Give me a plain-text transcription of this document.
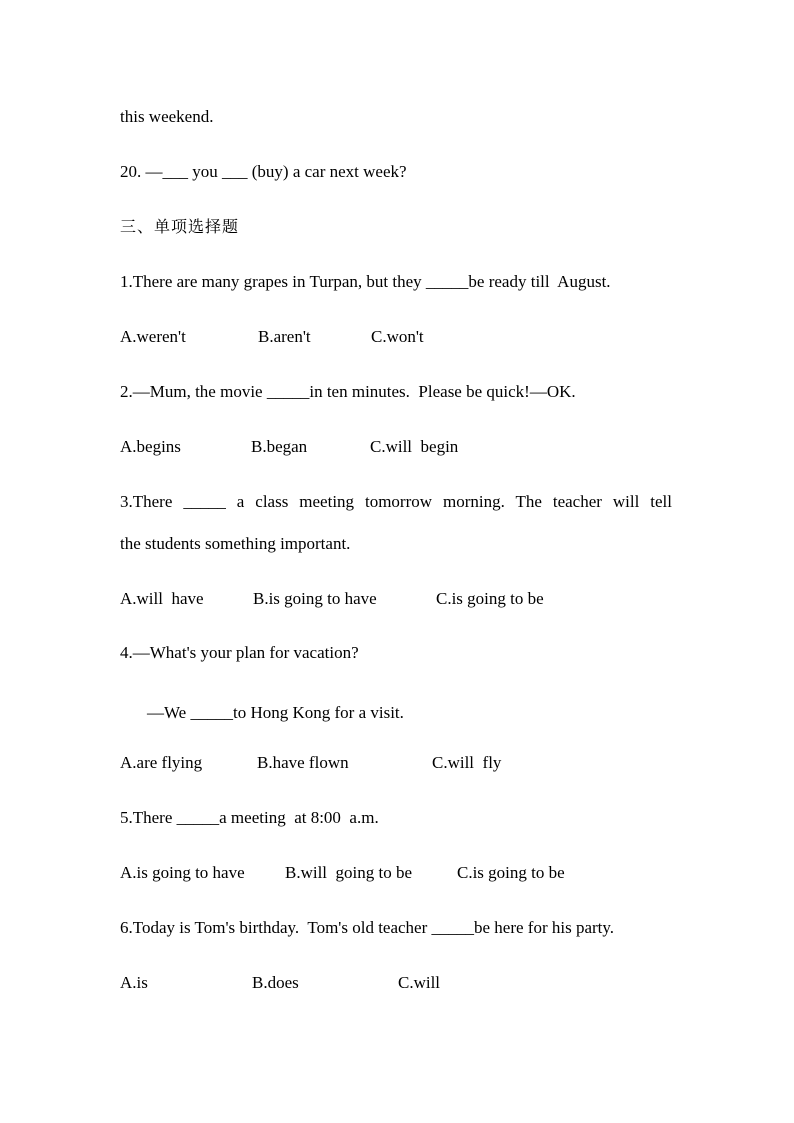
this weekend.
20. —___ you ___ (buy) a car next week?
三、单项选择题
1.There are many grapes in Turpan, but they _____be ready till  August.
A.weren't	B.aren't	C.won't
2.—Mum, the movie _____in ten minutes.  Please be quick!—OK.
A.begins	B.began	C.will  begin
3.There _____ a class meeting tomorrow morning. The teacher will tell
the students something important.
A.will  have	B.is going to have	C.is going to be
4.—What's your plan for vacation?
—We _____to Hong Kong for a visit.
A.are flying	B.have flown	C.will  fly
5.There _____a meeting  at 8:00  a.m.
A.is going to have B.will  going to be	C.is going to be
6.Today is Tom's birthday.  Tom's old teacher _____be here for his party.
A.is	B.does	C.will
